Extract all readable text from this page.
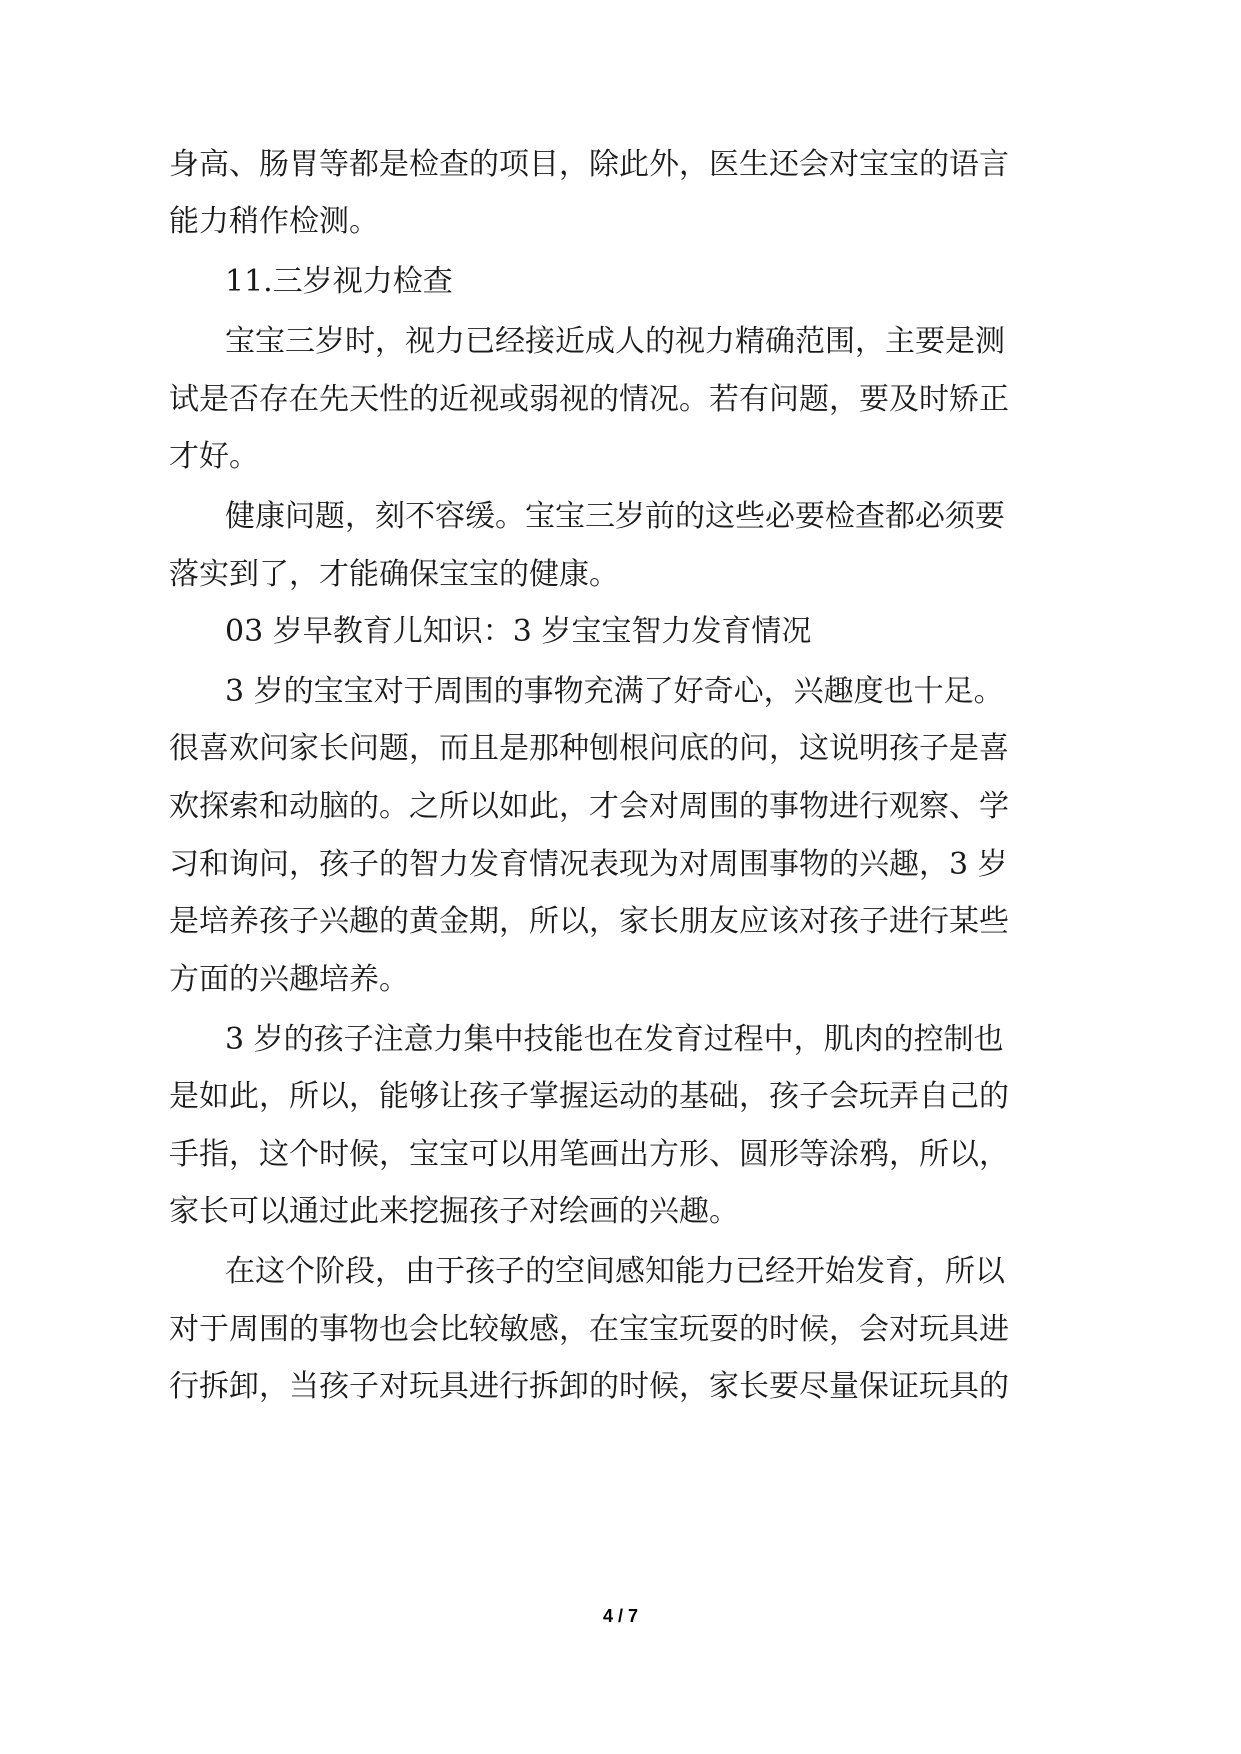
身高、肠胃等都是检查的项目，除此外，医生还会对宝宝的语言
能力稍作检测。
11.三岁视力检查
宝宝三岁时，视力已经接近成人的视力精确范围，主要是测
试是否存在先天性的近视或弱视的情况。若有问题，要及时矫正
才好。
健康问题，刻不容缓。宝宝三岁前的这些必要检查都必须要
落实到了，才能确保宝宝的健康。
03 岁早教育儿知识：3 岁宝宝智力发育情况
3 岁的宝宝对于周围的事物充满了好奇心，兴趣度也十足。
很喜欢问家长问题，而且是那种刨根问底的问，这说明孩子是喜
欢探索和动脑的。之所以如此，才会对周围的事物进行观察、学
习和询问，孩子的智力发育情况表现为对周围事物的兴趣，3 岁
是培养孩子兴趣的黄金期，所以，家长朋友应该对孩子进行某些
方面的兴趣培养。
3 岁的孩子注意力集中技能也在发育过程中，肌肉的控制也
是如此，所以，能够让孩子掌握运动的基础，孩子会玩弄自己的
手指，这个时候，宝宝可以用笔画出方形、圆形等涂鸦，所以，
家长可以通过此来挖掘孩子对绘画的兴趣。
在这个阶段，由于孩子的空间感知能力已经开始发育，所以
对于周围的事物也会比较敏感，在宝宝玩耍的时候，会对玩具进
行拆卸，当孩子对玩具进行拆卸的时候，家长要尽量保证玩具的
4 / 7
